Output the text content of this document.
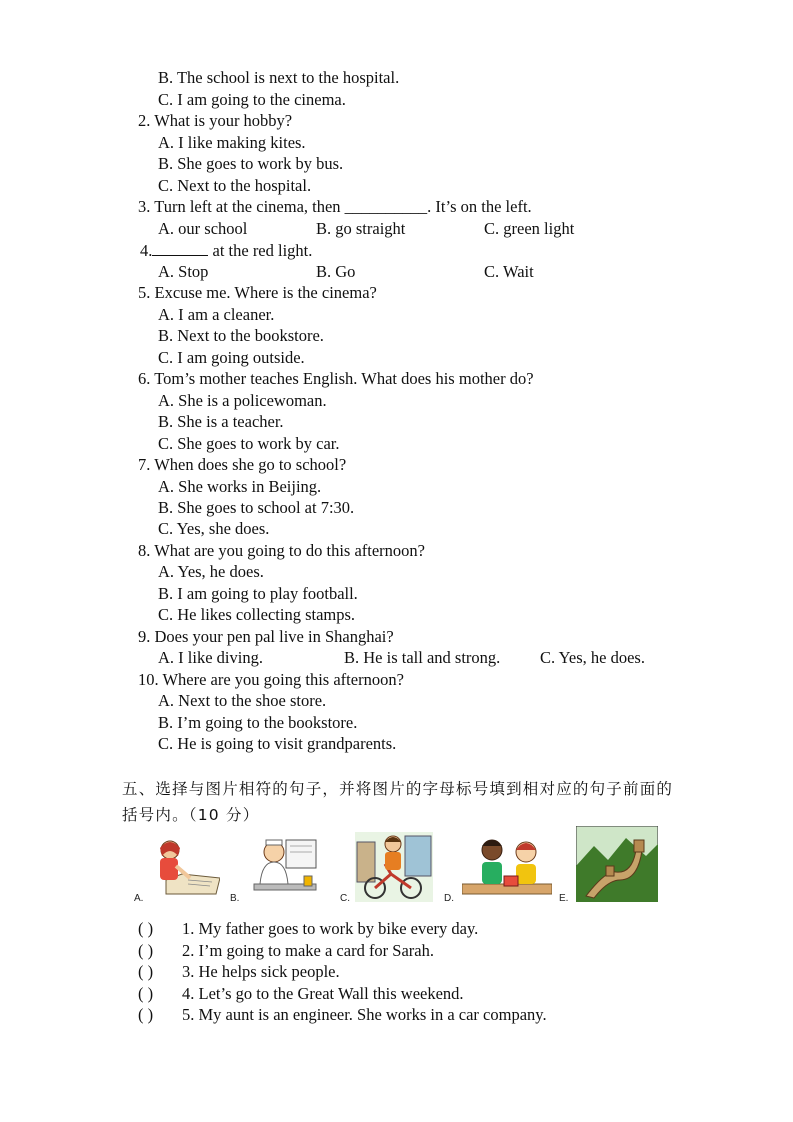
B. The school is next to the hospital.
C. I am going to the cinema.
2. What is your hobby?
A. I like making kites.
B. She goes to work by bus.
C. Next to the hospital.
3. Turn left at the cinema, then __________. It’s on the left.
A. our school	B. go straight	C. green light
4.	at the red light.
A. Stop	B. Go	C. Wait
5. Excuse me. Where is the cinema?
A. I am a cleaner.
B. Next to the bookstore.
C. I am going outside.
6. Tom’s mother teaches English. What does his mother do?
A. She is a policewoman.
B. She is a teacher.
C. She goes to work by car.
7. When does she go to school?
A. She works in Beijing.
B. She goes to school at 7:30.
C. Yes, she does.
8. What are you going to do this afternoon?
A. Yes, he does.
B. I am going to play football.
C. He likes collecting stamps.
9. Does your pen pal live in Shanghai?
A. I like diving.	B. He is tall and strong. C. Yes, he does.
10. Where are you going this afternoon?
A. Next to the shoe store.
B. I’m going to the bookstore.
C. He is going to visit grandparents.
五、选择与图片相符的句子，并将图片的字母标号填到相对应的句子前面的括号内。（10 分）
A.	B.	C.	D.	E.
( ) 1. My father goes to work by bike every day.
( ) 2. I’m going to make a card for Sarah.
( ) 3. He helps sick people.
( ) 4. Let’s go to the Great Wall this weekend.
( ) 5. My aunt is an engineer. She works in a car company.
